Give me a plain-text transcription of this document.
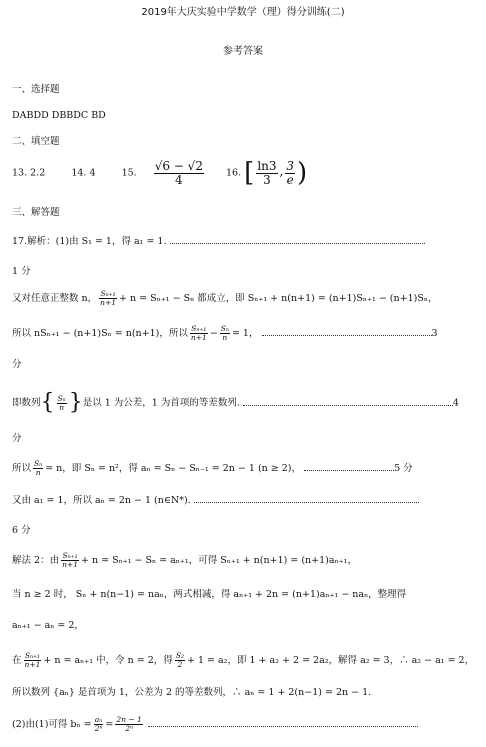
2019年大庆实验中学数学（理）得分训练(二)
参考答案
一、选择题
DABDD DBBDC BD
二、填空题
13. 2.2	14. 4	15. $\frac{√6 - √2}{4} 16$. [ $\frac{\ln 3}{3}$ , $\frac{3}{e}$ )
三、解答题
17.解析：(1)由 S₁ = 1，得 a₁ = 1.
1 分
又对任意正整数 n， $\frac{\text{Sₙ₊₁}}{n+1} + n = S_{n+1} - S_n$ 都成立，即 Sₙ₊₁ + n(n+1) = (n+1)Sₙ₊₁ − (n+1)Sₙ，
所以 nSₙ₊₁ − (n+1)Sₙ = n(n+1)，所以 $\frac{\text{Sₙ₊₁}}{n+1} - \frac{\text{Sₙ}}{n} = 1$，	3
分
即数列{ $\frac{\text{Sₙ}}{n}$ }是以 1 为公差，1 为首项的等差数列.	4
分
所以 $\frac{\text{Sₙ}}{n} = n$，即 Sₙ = n²，得 aₙ = Sₙ − Sₙ₋₁ = 2n − 1 (n ≥ 2)，	5 分
又由 a₁ = 1，所以 aₙ = 2n − 1 (n∈N*).
6 分
解法 2：由 $\frac{\text{Sₙ₊₁}}{n+1} + n = S_{n+1} - S_n = a_{n+1}$，可得 Sₙ₊₁ + n(n+1) = (n+1)aₙ₊₁，
当 n ≥ 2 时， Sₙ + n(n−1) = naₙ，两式相减，得 aₙ₊₁ + 2n = (n+1)aₙ₊₁ − naₙ，整理得
aₙ₊₁ − aₙ = 2，
在 $\frac{\text{Sₙ₊₁}}{n+1} + n = a_{n+1}$ 中，令 n = 2，得 $\frac{\text{S₂}}{2} + 1 = a_2$，即 1 + a₂ + 2 = 2a₂，解得 a₂ = 3，∴ a₂ − a₁ = 2，
所以数列 {aₙ} 是首项为 1，公差为 2 的等差数列，∴ aₙ = 1 + 2(n−1) = 2n − 1.
(2)由(1)可得 $b_n = \frac{\text{aₙ}}{\text{2ⁿ}} = \frac{2n - 1}{\text{2ⁿ}}$
